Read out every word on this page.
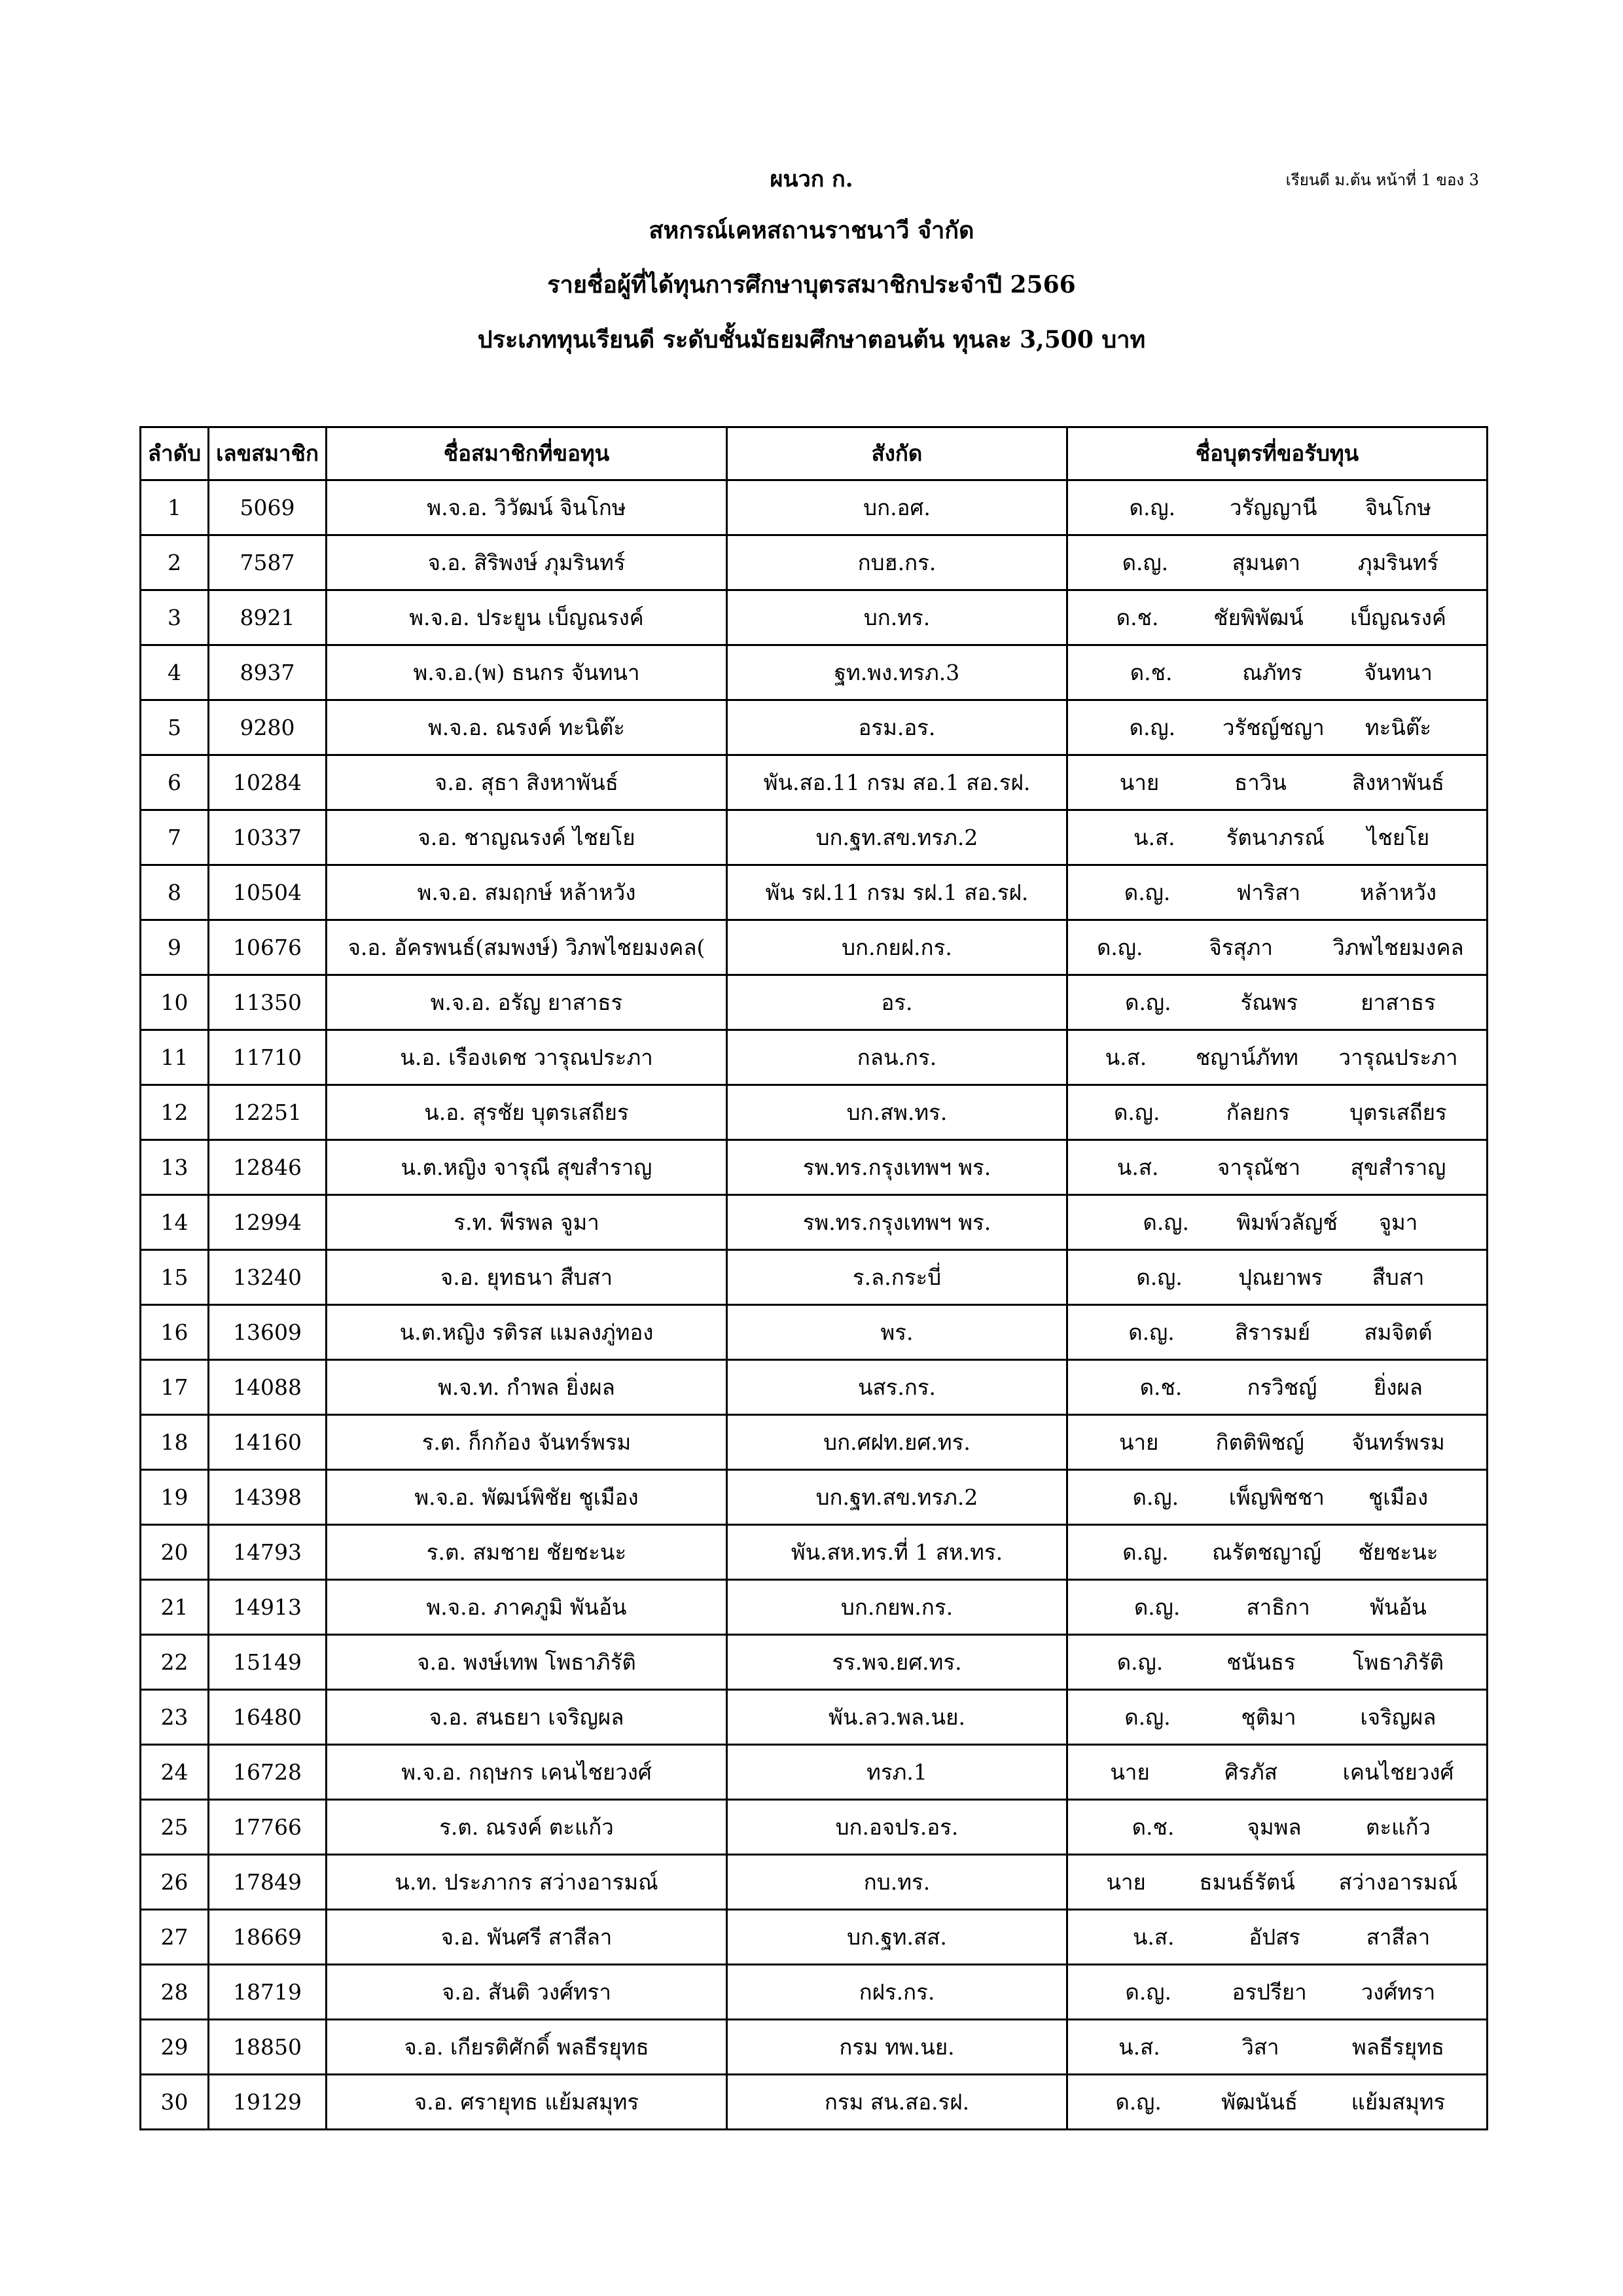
ผนวก ก.	เรียนดี ม.ต้น หน้าที่ 1 ของ 3
สหกรณ์เคหสถานราชนาวี จำกัด
รายชื่อผู้ที่ได้ทุนการศึกษาบุตรสมาชิกประจำปี 2566
ประเภททุนเรียนดี ระดับชั้นมัธยมศึกษาตอนต้น ทุนละ 3,500 บาท
ลำดับ	เลขสมาชิก	ชื่อสมาชิกที่ขอทุน	สังกัด	ชื่อบุตรที่ขอรับทุน
1	5069	พ.จ.อ. วิวัฒน์ จินโกษ	บก.อศ.	ด.ญ. วรัญญานี จินโกษ
2	7587	จ.อ. สิริพงษ์ ภุมรินทร์	กบฮ.กร.	ด.ญ. สุมนตา ภุมรินทร์
3	8921	พ.จ.อ. ประยูน เบ็ญณรงค์	บก.ทร.	ด.ช. ชัยพิพัฒน์ เบ็ญณรงค์
4	8937	พ.จ.อ.(พ) ธนกร จันทนา	ฐท.พง.ทรภ.3	ด.ช. ณภัทร จันทนา
5	9280	พ.จ.อ. ณรงค์ ทะนิต๊ะ	อรม.อร.	ด.ญ. วรัชญ์ชญา ทะนิต๊ะ
6	10284	จ.อ. สุธา สิงหาพันธ์	พัน.สอ.11 กรม สอ.1 สอ.รฝ.	นาย ธาวิน สิงหาพันธ์
7	10337	จ.อ. ชาญณรงค์ ไชยโย	บก.ฐท.สข.ทรภ.2	น.ส. รัตนาภรณ์ ไชยโย
8	10504	พ.จ.อ. สมฤกษ์ หล้าหวัง	พัน รฝ.11 กรม รฝ.1 สอ.รฝ.	ด.ญ. ฟาริสา หล้าหวัง
9	10676	จ.อ. อัครพนธ์(สมพงษ์) วิภพไชยมงคล(	บก.กยฝ.กร.	ด.ญ. จิรสุภา วิภพไชยมงคล
10	11350	พ.จ.อ. อรัญ ยาสาธร	อร.	ด.ญ. รัณพร ยาสาธร
11	11710	น.อ. เรืองเดช วารุณประภา	กลน.กร.	น.ส. ชญาน์ภัทท วารุณประภา
12	12251	น.อ. สุรชัย บุตรเสถียร	บก.สพ.ทร.	ด.ญ. กัลยกร บุตรเสถียร
13	12846	น.ต.หญิง จารุณี สุขสำราญ	รพ.ทร.กรุงเทพฯ พร.	น.ส. จารุณัชา สุขสำราญ
14	12994	ร.ท. พีรพล จูมา	รพ.ทร.กรุงเทพฯ พร.	ด.ญ. พิมพ์วลัญช์ จูมา
15	13240	จ.อ. ยุทธนา สืบสา	ร.ล.กระบี่	ด.ญ. ปุณยาพร สืบสา
16	13609	น.ต.หญิง รติรส แมลงภู่ทอง	พร.	ด.ญ. สิรารมย์ สมจิตต์
17	14088	พ.จ.ท. กำพล ยิ่งผล	นสร.กร.	ด.ช. กรวิชญ์ ยิ่งผล
18	14160	ร.ต. ก็กก้อง จันทร์พรม	บก.ศฝท.ยศ.ทร.	นาย กิตติพิชญ์ จันทร์พรม
19	14398	พ.จ.อ. พัฒน์พิชัย ชูเมือง	บก.ฐท.สข.ทรภ.2	ด.ญ. เพ็ญพิชชา ชูเมือง
20	14793	ร.ต. สมชาย ชัยชะนะ	พัน.สห.ทร.ที่ 1 สห.ทร.	ด.ญ. ณรัตชญาญ์ ชัยชะนะ
21	14913	พ.จ.อ. ภาคภูมิ พันอ้น	บก.กยพ.กร.	ด.ญ. สาธิกา พันอ้น
22	15149	จ.อ. พงษ์เทพ โพธาภิรัติ	รร.พจ.ยศ.ทร.	ด.ญ. ชนันธร โพธาภิรัติ
23	16480	จ.อ. สนธยา เจริญผล	พัน.ลว.พล.นย.	ด.ญ. ชุติมา เจริญผล
24	16728	พ.จ.อ. กฤษกร เคนไชยวงศ์	ทรภ.1	นาย ศิรภัส เคนไชยวงศ์
25	17766	ร.ต. ณรงค์ ตะแก้ว	บก.อจปร.อร.	ด.ช. จุมพล ตะแก้ว
26	17849	น.ท. ประภากร สว่างอารมณ์	กบ.ทร.	นาย ธมนธ์รัตน์ สว่างอารมณ์
27	18669	จ.อ. พันศรี สาสีลา	บก.ฐท.สส.	น.ส. อัปสร สาสีลา
28	18719	จ.อ. สันติ วงศ์ทรา	กฝร.กร.	ด.ญ. อรปรียา วงศ์ทรา
29	18850	จ.อ. เกียรติศักดิ์ พลธีรยุทธ	กรม ทพ.นย.	น.ส. วิสา พลธีรยุทธ
30	19129	จ.อ. ศรายุทธ แย้มสมุทร	กรม สน.สอ.รฝ.	ด.ญ. พัฒนันธ์ แย้มสมุทร
